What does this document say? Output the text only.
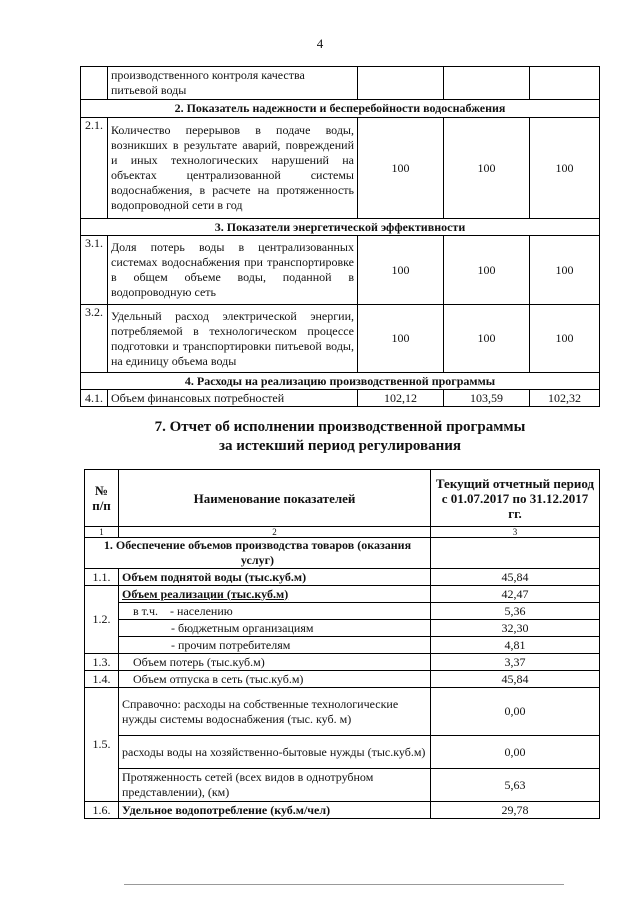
4
	производственного контроля качества питьевой воды			
2. Показатель надежности и бесперебойности водоснабжения				
2.1.	Количество перерывов в подаче воды, возникших в результате аварий, повреждений и иных технологических нарушений на объектах централизованной системы водоснабжения, в расчете на протяженность водопроводной сети в год	100	100	100
3. Показатели энергетической эффективности				
3.1.	Доля потерь воды в централизованных системах водоснабжения при транспортировке в общем объеме воды, поданной в водопроводную сеть	100	100	100
3.2.	Удельный расход электрической энергии, потребляемой в технологическом процессе подготовки и транспортировки питьевой воды, на единицу объема воды	100	100	100
4. Расходы на реализацию производственной программы				
4.1.	Объем финансовых потребностей	102,12	103,59	102,32
7. Отчет об исполнении производственной программы
за истекший период регулирования
№ п/п	Наименование показателей	Текущий отчетный период с 01.07.2017 по 31.12.2017 гг.
1	2	3
1. Обеспечение объемов производства товаров (оказания услуг)		
1.1.	Объем поднятой воды (тыс.куб.м)	45,84
1.2.	Объем реализации (тыс.куб.м)	42,47
	в т.ч. - населению	5,36
	- бюджетным организациям	32,30
	- прочим потребителям	4,81
1.3.	Объем потерь (тыс.куб.м)	3,37
1.4.	Объем отпуска в сеть (тыс.куб.м)	45,84
1.5.	Справочно: расходы на собственные технологические нужды системы водоснабжения (тыс. куб. м)	0,00
	расходы воды на хозяйственно-бытовые нужды (тыс.куб.м)	0,00
	Протяженность сетей (всех видов в однотрубном представлении), (км)	5,63
1.6.	Удельное водопотребление (куб.м/чел)	29,78
